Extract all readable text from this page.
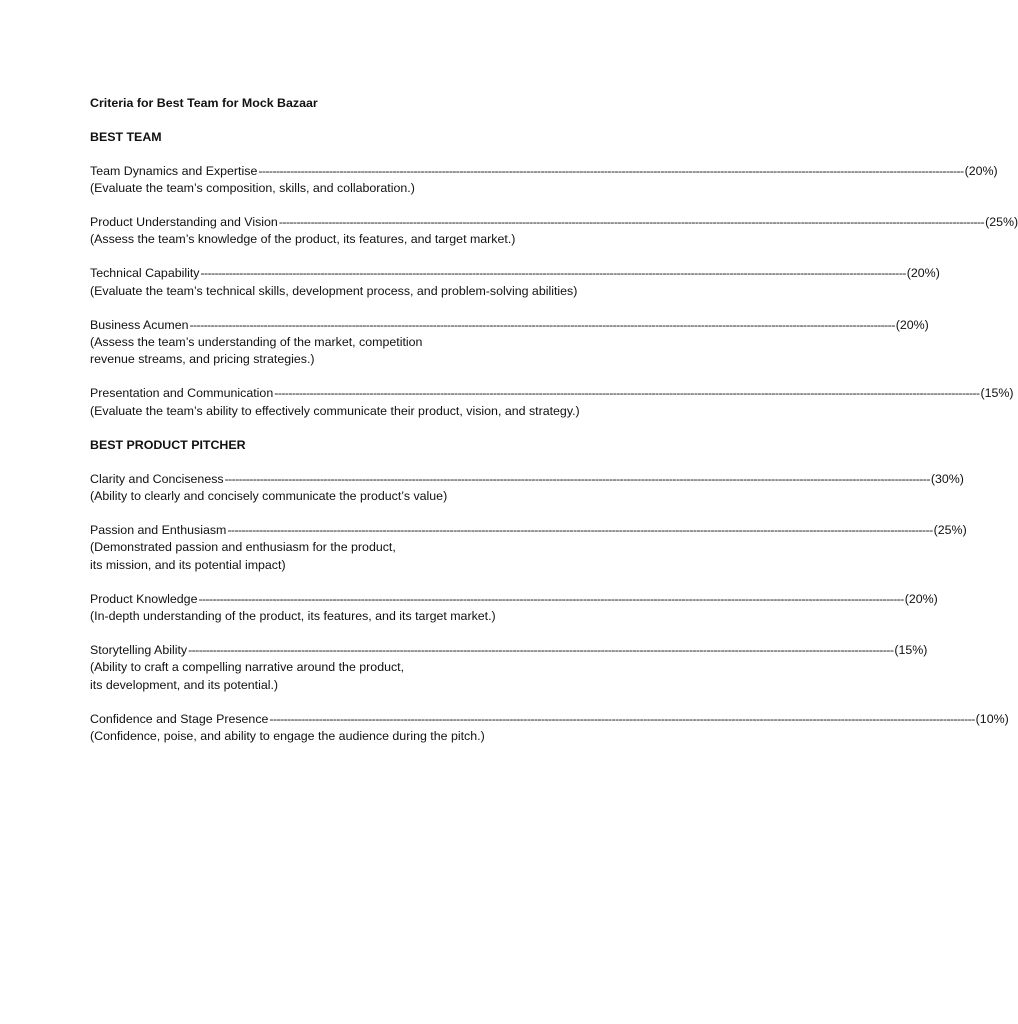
Criteria for Best Team for Mock Bazaar
BEST TEAM
Team Dynamics and Expertise -------------------------------------------------------------------------------------------------------------------------------------------------------------------------------------------------------- (20%)
(Evaluate the team’s composition, skills, and collaboration.)
Product Understanding and Vision -------------------------------------------------------------------------------------------------------------------------------------------------------------------------------------------------------- (25%)
(Assess the team’s knowledge of the product, its features, and target market.)
Technical Capability -------------------------------------------------------------------------------------------------------------------------------------------------------------------------------------------------------- (20%)
(Evaluate the team’s technical skills, development process, and problem-solving abilities)
Business Acumen -------------------------------------------------------------------------------------------------------------------------------------------------------------------------------------------------------- (20%)
(Assess the team’s understanding of the market, competition
revenue streams, and pricing strategies.)
Presentation and Communication -------------------------------------------------------------------------------------------------------------------------------------------------------------------------------------------------------- (15%)
(Evaluate the team’s ability to effectively communicate their product, vision, and strategy.)
BEST PRODUCT PITCHER
Clarity and Conciseness -------------------------------------------------------------------------------------------------------------------------------------------------------------------------------------------------------- (30%)
(Ability to clearly and concisely communicate the product’s value)
Passion and Enthusiasm -------------------------------------------------------------------------------------------------------------------------------------------------------------------------------------------------------- (25%)
(Demonstrated passion and enthusiasm for the product,
its mission, and its potential impact)
Product Knowledge -------------------------------------------------------------------------------------------------------------------------------------------------------------------------------------------------------- (20%)
(In-depth understanding of the product, its features, and its target market.)
Storytelling Ability -------------------------------------------------------------------------------------------------------------------------------------------------------------------------------------------------------- (15%)
(Ability to craft a compelling narrative around the product,
its development, and its potential.)
Confidence and Stage Presence -------------------------------------------------------------------------------------------------------------------------------------------------------------------------------------------------------- (10%)
(Confidence, poise, and ability to engage the audience during the pitch.)
